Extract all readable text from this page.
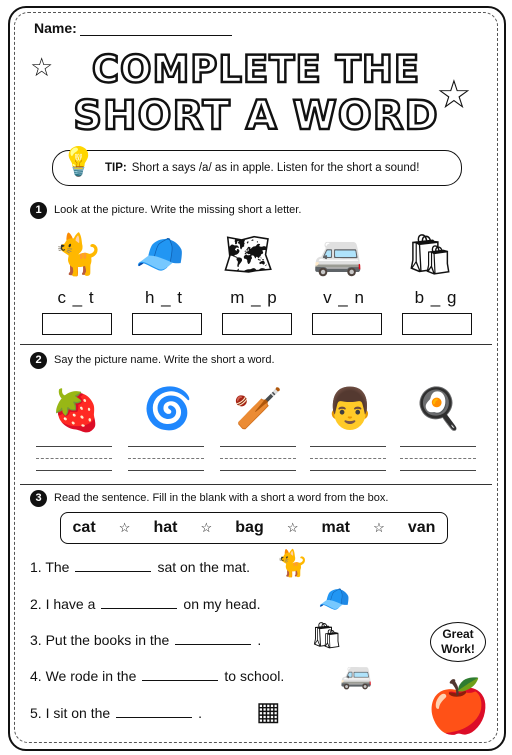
Name:
☆
☆
COMPLETE THE
SHORT A WORD
💡 TIP: Short a says /a/ as in apple. Listen for the short a sound!
1	Look at the picture. Write the missing short a letter.
🐈 🧢 🗺 🚐 🛍
c _ t	h _ t	m _ p	v _ n	b _ g
2	Say the picture name. Write the short a word.
🍓 🌀 🏏 👨 🍳
3	Read the sentence. Fill in the blank with a short a word from the box.
cat ☆ hat ☆ bag ☆ mat ☆ van
1. The	sat on the mat.
2. I have a	on my head.
3. Put the books in the	.
4. We rode in the	to school.
5. I sit on the	.
🐈
🧢
🛍
🚐
▦
Great
Work!
🍎
